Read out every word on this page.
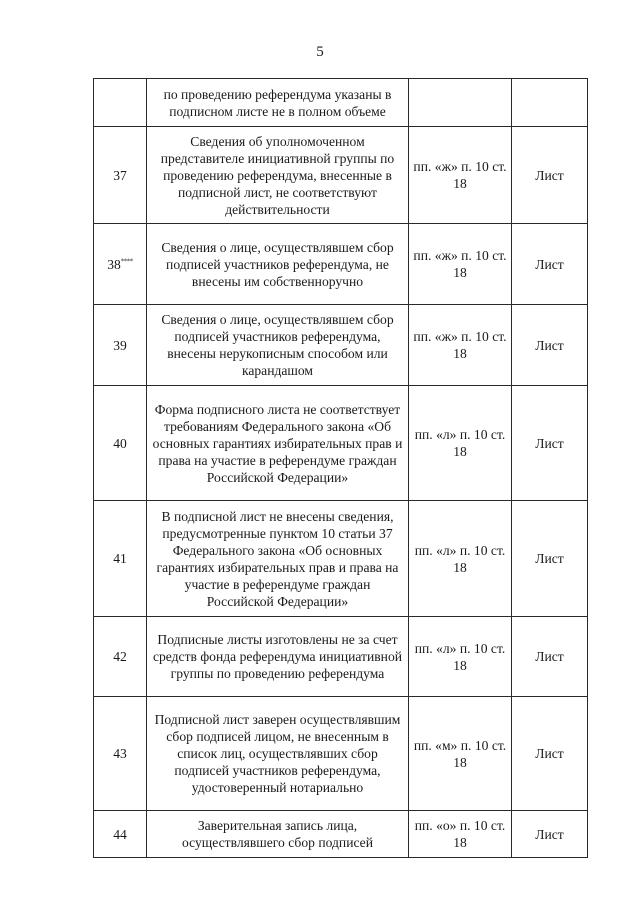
5
	по проведению референдума указаны в подписном листе не в полном объеме		
37	Сведения об уполномоченном представителе инициативной группы по проведению референдума, внесенные в подписной лист, не соответствуют действительности	пп. «ж» п. 10 ст. 18	Лист
38****	Сведения о лице, осуществлявшем сбор подписей участников референдума, не внесены им собственноручно	пп. «ж» п. 10 ст. 18	Лист
39	Сведения о лице, осуществлявшем сбор подписей участников референдума, внесены нерукописным способом или карандашом	пп. «ж» п. 10 ст. 18	Лист
40	Форма подписного листа не соответствует требованиям Федерального закона «Об основных гарантиях избирательных прав и права на участие в референдуме граждан Российской Федерации»	пп. «л» п. 10 ст. 18	Лист
41	В подписной лист не внесены сведения, предусмотренные пунктом 10 статьи 37 Федерального закона «Об основных гарантиях избирательных прав и права на участие в референдуме граждан Российской Федерации»	пп. «л» п. 10 ст. 18	Лист
42	Подписные листы изготовлены не за счет средств фонда референдума инициативной группы по проведению референдума	пп. «л» п. 10 ст. 18	Лист
43	Подписной лист заверен осуществлявшим сбор подписей лицом, не внесенным в список лиц, осуществлявших сбор подписей участников референдума, удостоверенный нотариально	пп. «м» п. 10 ст. 18	Лист
44	Заверительная запись лица, осуществлявшего сбор подписей	пп. «о» п. 10 ст. 18	Лист
